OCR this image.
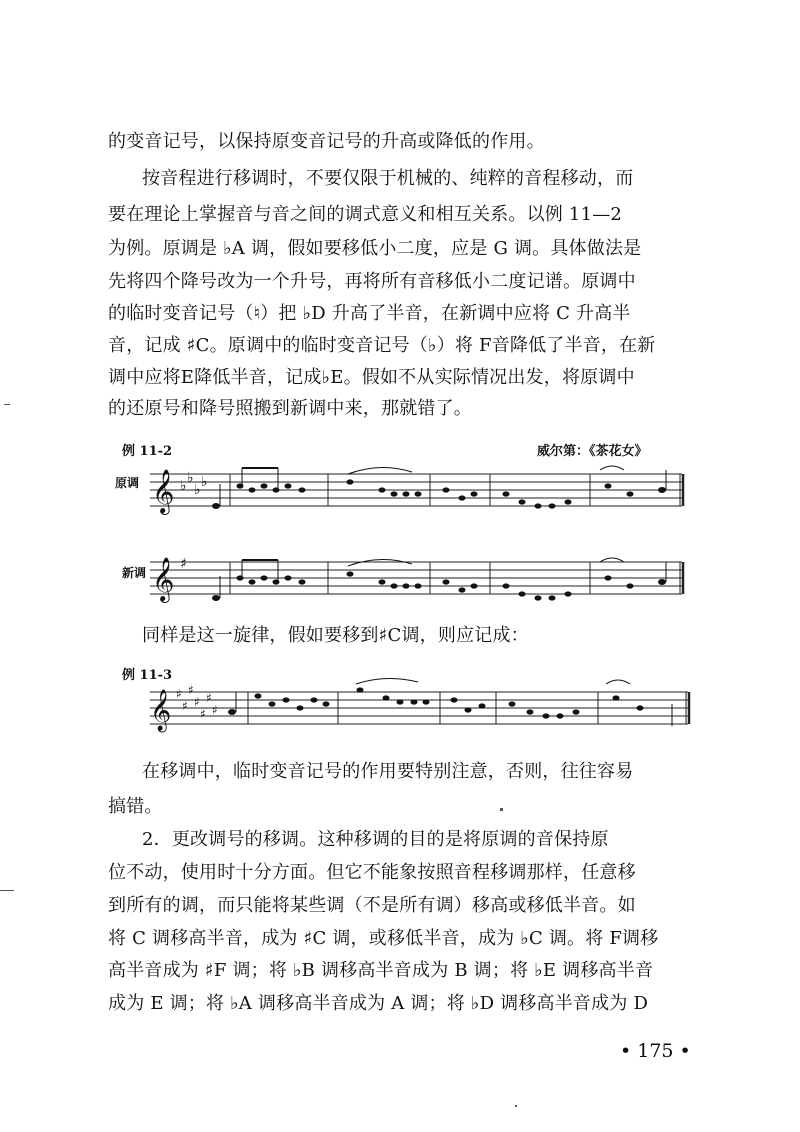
的变音记号，以保持原变音记号的升高或降低的作用。
按音程进行移调时，不要仅限于机械的、纯粹的音程移动，而
要在理论上掌握音与音之间的调式意义和相互关系。以例 11—2
为例。原调是 ♭A 调，假如要移低小二度，应是 G 调。具体做法是
先将四个降号改为一个升号，再将所有音移低小二度记谱。原调中
的临时变音记号（♮）把 ♭D 升高了半音，在新调中应将 C 升高半
音，记成 ♯C。原调中的临时变音记号（♭）将 F音降低了半音，在新
调中应将E降低半音，记成♭E。假如不从实际情况出发，将原调中
的还原号和降号照搬到新调中来，那就错了。
例 11-2	威尔第：《茶花女》
原调 𝄞 ♭ ♭
♭ ♭
新调 𝄞 ♯
同样是这一旋律，假如要移到♯C调，则应记成：
例 11-3
𝄞 ♯
♯
♯
♯
♯
♯
♯
在移调中，临时变音记号的作用要特别注意，否则，往往容易
搞错。
2．更改调号的移调。这种移调的目的是将原调的音保持原
位不动，使用时十分方面。但它不能象按照音程移调那样，任意移
到所有的调，而只能将某些调（不是所有调）移高或移低半音。如
将 C 调移高半音，成为 ♯C 调，或移低半音，成为 ♭C 调。将 F调移
高半音成为 ♯F 调；将 ♭B 调移高半音成为 B 调；将 ♭E 调移高半音
成为 E 调；将 ♭A 调移高半音成为 A 调；将 ♭D 调移高半音成为 D
• 175 •
